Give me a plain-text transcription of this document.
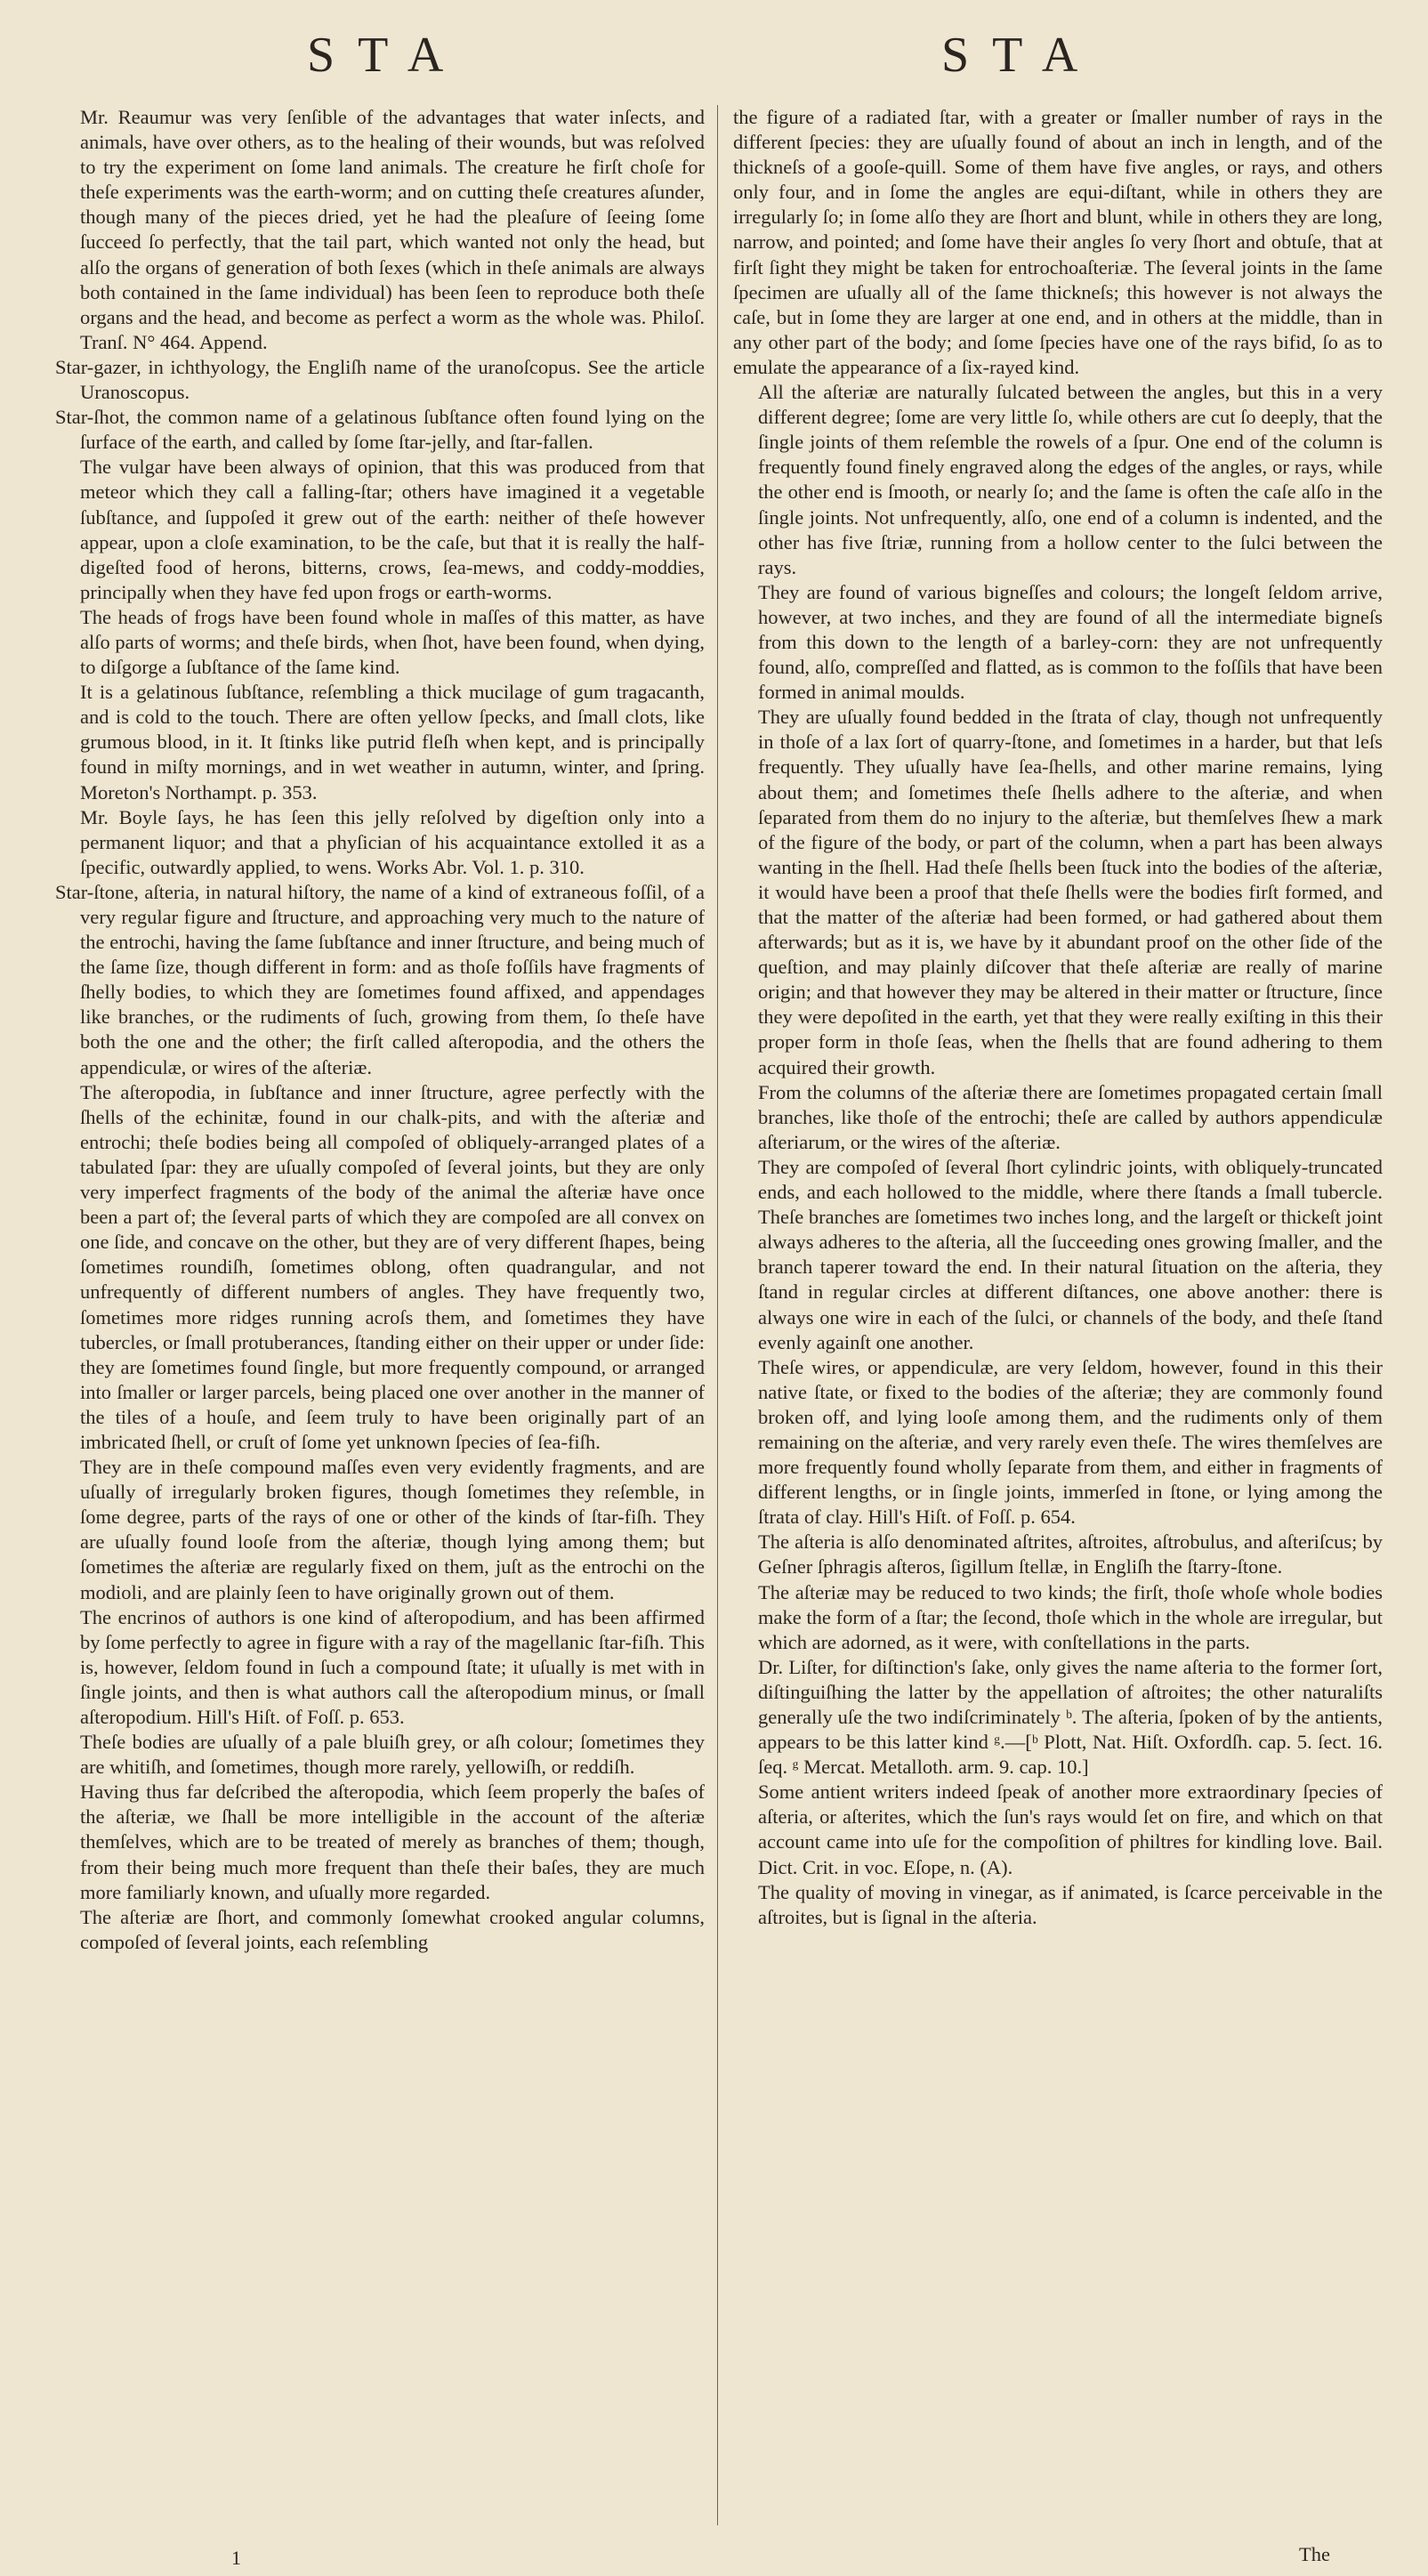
STA	STA

Mr. Reaumur was very ſenſible of the advantages that water inſects, and animals, have over others, as to the healing of their wounds, but was reſolved to try the experiment on ſome land animals. The creature he firſt choſe for theſe experiments was the earth-worm; and on cutting theſe creatures aſunder, though many of the pieces dried, yet he had the pleaſure of ſeeing ſome ſucceed ſo perfectly, that the tail part, which wanted not only the head, but alſo the organs of generation of both ſexes (which in theſe animals are always both contained in the ſame individual) has been ſeen to reproduce both theſe organs and the head, and become as perfect a worm as the whole was. Philoſ. Tranſ. N° 464. Append.

Star-gazer, in ichthyology, the Engliſh name of the uranoſcopus. See the article Uranoscopus.

Star-ſhot, the common name of a gelatinous ſubſtance often found lying on the ſurface of the earth, and called by ſome ſtar-jelly, and ſtar-fallen.

The vulgar have been always of opinion, that this was produced from that meteor which they call a falling-ſtar; others have imagined it a vegetable ſubſtance, and ſuppoſed it grew out of the earth: neither of theſe however appear, upon a cloſe examination, to be the caſe, but that it is really the half-digeſted food of herons, bitterns, crows, ſea-mews, and coddy-moddies, principally when they have fed upon frogs or earth-worms.

The heads of frogs have been found whole in maſſes of this matter, as have alſo parts of worms; and theſe birds, when ſhot, have been found, when dying, to diſgorge a ſubſtance of the ſame kind.

It is a gelatinous ſubſtance, reſembling a thick mucilage of gum tragacanth, and is cold to the touch. There are often yellow ſpecks, and ſmall clots, like grumous blood, in it. It ſtinks like putrid fleſh when kept, and is principally found in miſty mornings, and in wet weather in autumn, winter, and ſpring. Moreton's Northampt. p. 353.

Mr. Boyle ſays, he has ſeen this jelly reſolved by digeſtion only into a permanent liquor; and that a phyſician of his acquaintance extolled it as a ſpecific, outwardly applied, to wens. Works Abr. Vol. 1. p. 310.

Star-ſtone, aſteria, in natural hiſtory, the name of a kind of extraneous foſſil, of a very regular figure and ſtructure, and approaching very much to the nature of the entrochi, having the ſame ſubſtance and inner ſtructure, and being much of the ſame ſize, though different in form: and as thoſe foſſils have fragments of ſhelly bodies, to which they are ſometimes found affixed, and appendages like branches, or the rudiments of ſuch, growing from them, ſo theſe have both the one and the other; the firſt called aſteropodia, and the others the appendiculæ, or wires of the aſteriæ.

The aſteropodia, in ſubſtance and inner ſtructure, agree perfectly with the ſhells of the echinitæ, found in our chalk-pits, and with the aſteriæ and entrochi; theſe bodies being all compoſed of obliquely-arranged plates of a tabulated ſpar: they are uſually compoſed of ſeveral joints, but they are only very imperfect fragments of the body of the animal the aſteriæ have once been a part of; the ſeveral parts of which they are compoſed are all convex on one ſide, and concave on the other, but they are of very different ſhapes, being ſometimes roundiſh, ſometimes oblong, often quadrangular, and not unfrequently of different numbers of angles. They have frequently two, ſometimes more ridges running acroſs them, and ſometimes they have tubercles, or ſmall protuberances, ſtanding either on their upper or under ſide: they are ſometimes found ſingle, but more frequently compound, or arranged into ſmaller or larger parcels, being placed one over another in the manner of the tiles of a houſe, and ſeem truly to have been originally part of an imbricated ſhell, or cruſt of ſome yet unknown ſpecies of ſea-fiſh.

They are in theſe compound maſſes even very evidently fragments, and are uſually of irregularly broken figures, though ſometimes they reſemble, in ſome degree, parts of the rays of one or other of the kinds of ſtar-fiſh. They are uſually found looſe from the aſteriæ, though lying among them; but ſometimes the aſteriæ are regularly fixed on them, juſt as the entrochi on the modioli, and are plainly ſeen to have originally grown out of them.

The encrinos of authors is one kind of aſteropodium, and has been affirmed by ſome perfectly to agree in figure with a ray of the magellanic ſtar-fiſh. This is, however, ſeldom found in ſuch a compound ſtate; it uſually is met with in ſingle joints, and then is what authors call the aſteropodium minus, or ſmall aſteropodium. Hill's Hiſt. of Foſſ. p. 653.

Theſe bodies are uſually of a pale bluiſh grey, or aſh colour; ſometimes they are whitiſh, and ſometimes, though more rarely, yellowiſh, or reddiſh.

Having thus far deſcribed the aſteropodia, which ſeem properly the baſes of the aſteriæ, we ſhall be more intelligible in the account of the aſteriæ themſelves, which are to be treated of merely as branches of them; though, from their being much more frequent than theſe their baſes, they are much more familiarly known, and uſually more regarded.

The aſteriæ are ſhort, and commonly ſomewhat crooked angular columns, compoſed of ſeveral joints, each reſembling

the figure of a radiated ſtar, with a greater or ſmaller number of rays in the different ſpecies: they are uſually found of about an inch in length, and of the thickneſs of a gooſe-quill. Some of them have five angles, or rays, and others only four, and in ſome the angles are equi-diſtant, while in others they are irregularly ſo; in ſome alſo they are ſhort and blunt, while in others they are long, narrow, and pointed; and ſome have their angles ſo very ſhort and obtuſe, that at firſt ſight they might be taken for entrochoaſteriæ. The ſeveral joints in the ſame ſpecimen are uſually all of the ſame thickneſs; this however is not always the caſe, but in ſome they are larger at one end, and in others at the middle, than in any other part of the body; and ſome ſpecies have one of the rays bifid, ſo as to emulate the appearance of a ſix-rayed kind.

All the aſteriæ are naturally ſulcated between the angles, but this in a very different degree; ſome are very little ſo, while others are cut ſo deeply, that the ſingle joints of them reſemble the rowels of a ſpur. One end of the column is frequently found finely engraved along the edges of the angles, or rays, while the other end is ſmooth, or nearly ſo; and the ſame is often the caſe alſo in the ſingle joints. Not unfrequently, alſo, one end of a column is indented, and the other has five ſtriæ, running from a hollow center to the ſulci between the rays.

They are found of various bigneſſes and colours; the longeſt ſeldom arrive, however, at two inches, and they are found of all the intermediate bigneſs from this down to the length of a barley-corn: they are not unfrequently found, alſo, compreſſed and flatted, as is common to the foſſils that have been formed in animal moulds.

They are uſually found bedded in the ſtrata of clay, though not unfrequently in thoſe of a lax ſort of quarry-ſtone, and ſometimes in a harder, but that leſs frequently. They uſually have ſea-ſhells, and other marine remains, lying about them; and ſometimes theſe ſhells adhere to the aſteriæ, and when ſeparated from them do no injury to the aſteriæ, but themſelves ſhew a mark of the figure of the body, or part of the column, when a part has been always wanting in the ſhell. Had theſe ſhells been ſtuck into the bodies of the aſteriæ, it would have been a proof that theſe ſhells were the bodies firſt formed, and that the matter of the aſteriæ had been formed, or had gathered about them afterwards; but as it is, we have by it abundant proof on the other ſide of the queſtion, and may plainly diſcover that theſe aſteriæ are really of marine origin; and that however they may be altered in their matter or ſtructure, ſince they were depoſited in the earth, yet that they were really exiſting in this their proper form in thoſe ſeas, when the ſhells that are found adhering to them acquired their growth.

From the columns of the aſteriæ there are ſometimes propagated certain ſmall branches, like thoſe of the entrochi; theſe are called by authors appendiculæ aſteriarum, or the wires of the aſteriæ.

They are compoſed of ſeveral ſhort cylindric joints, with obliquely-truncated ends, and each hollowed to the middle, where there ſtands a ſmall tubercle. Theſe branches are ſometimes two inches long, and the largeſt or thickeſt joint always adheres to the aſteria, all the ſucceeding ones growing ſmaller, and the branch taperer toward the end. In their natural ſituation on the aſteria, they ſtand in regular circles at different diſtances, one above another: there is always one wire in each of the ſulci, or channels of the body, and theſe ſtand evenly againſt one another.

Theſe wires, or appendiculæ, are very ſeldom, however, found in this their native ſtate, or fixed to the bodies of the aſteriæ; they are commonly found broken off, and lying looſe among them, and the rudiments only of them remaining on the aſteriæ, and very rarely even theſe. The wires themſelves are more frequently found wholly ſeparate from them, and either in fragments of different lengths, or in ſingle joints, immerſed in ſtone, or lying among the ſtrata of clay. Hill's Hiſt. of Foſſ. p. 654.

The aſteria is alſo denominated aſtrites, aſtroites, aſtrobulus, and aſteriſcus; by Geſner ſphragis aſteros, ſigillum ſtellæ, in Engliſh the ſtarry-ſtone.

The aſteriæ may be reduced to two kinds; the firſt, thoſe whoſe whole bodies make the form of a ſtar; the ſecond, thoſe which in the whole are irregular, but which are adorned, as it were, with conſtellations in the parts.

Dr. Liſter, for diſtinction's ſake, only gives the name aſteria to the former ſort, diſtinguiſhing the latter by the appellation of aſtroites; the other naturaliſts generally uſe the two indiſcriminately ᵇ. The aſteria, ſpoken of by the antients, appears to be this latter kind ᵍ.—[ᵇ Plott, Nat. Hiſt. Oxfordſh. cap. 5. ſect. 16. ſeq. ᵍ Mercat. Metalloth. arm. 9. cap. 10.]

Some antient writers indeed ſpeak of another more extraordinary ſpecies of aſteria, or aſterites, which the ſun's rays would ſet on fire, and which on that account came into uſe for the compoſition of philtres for kindling love. Bail. Dict. Crit. in voc. Eſope, n. (A).

The quality of moving in vinegar, as if animated, is ſcarce perceivable in the aſtroites, but is ſignal in the aſteria.

1	The
